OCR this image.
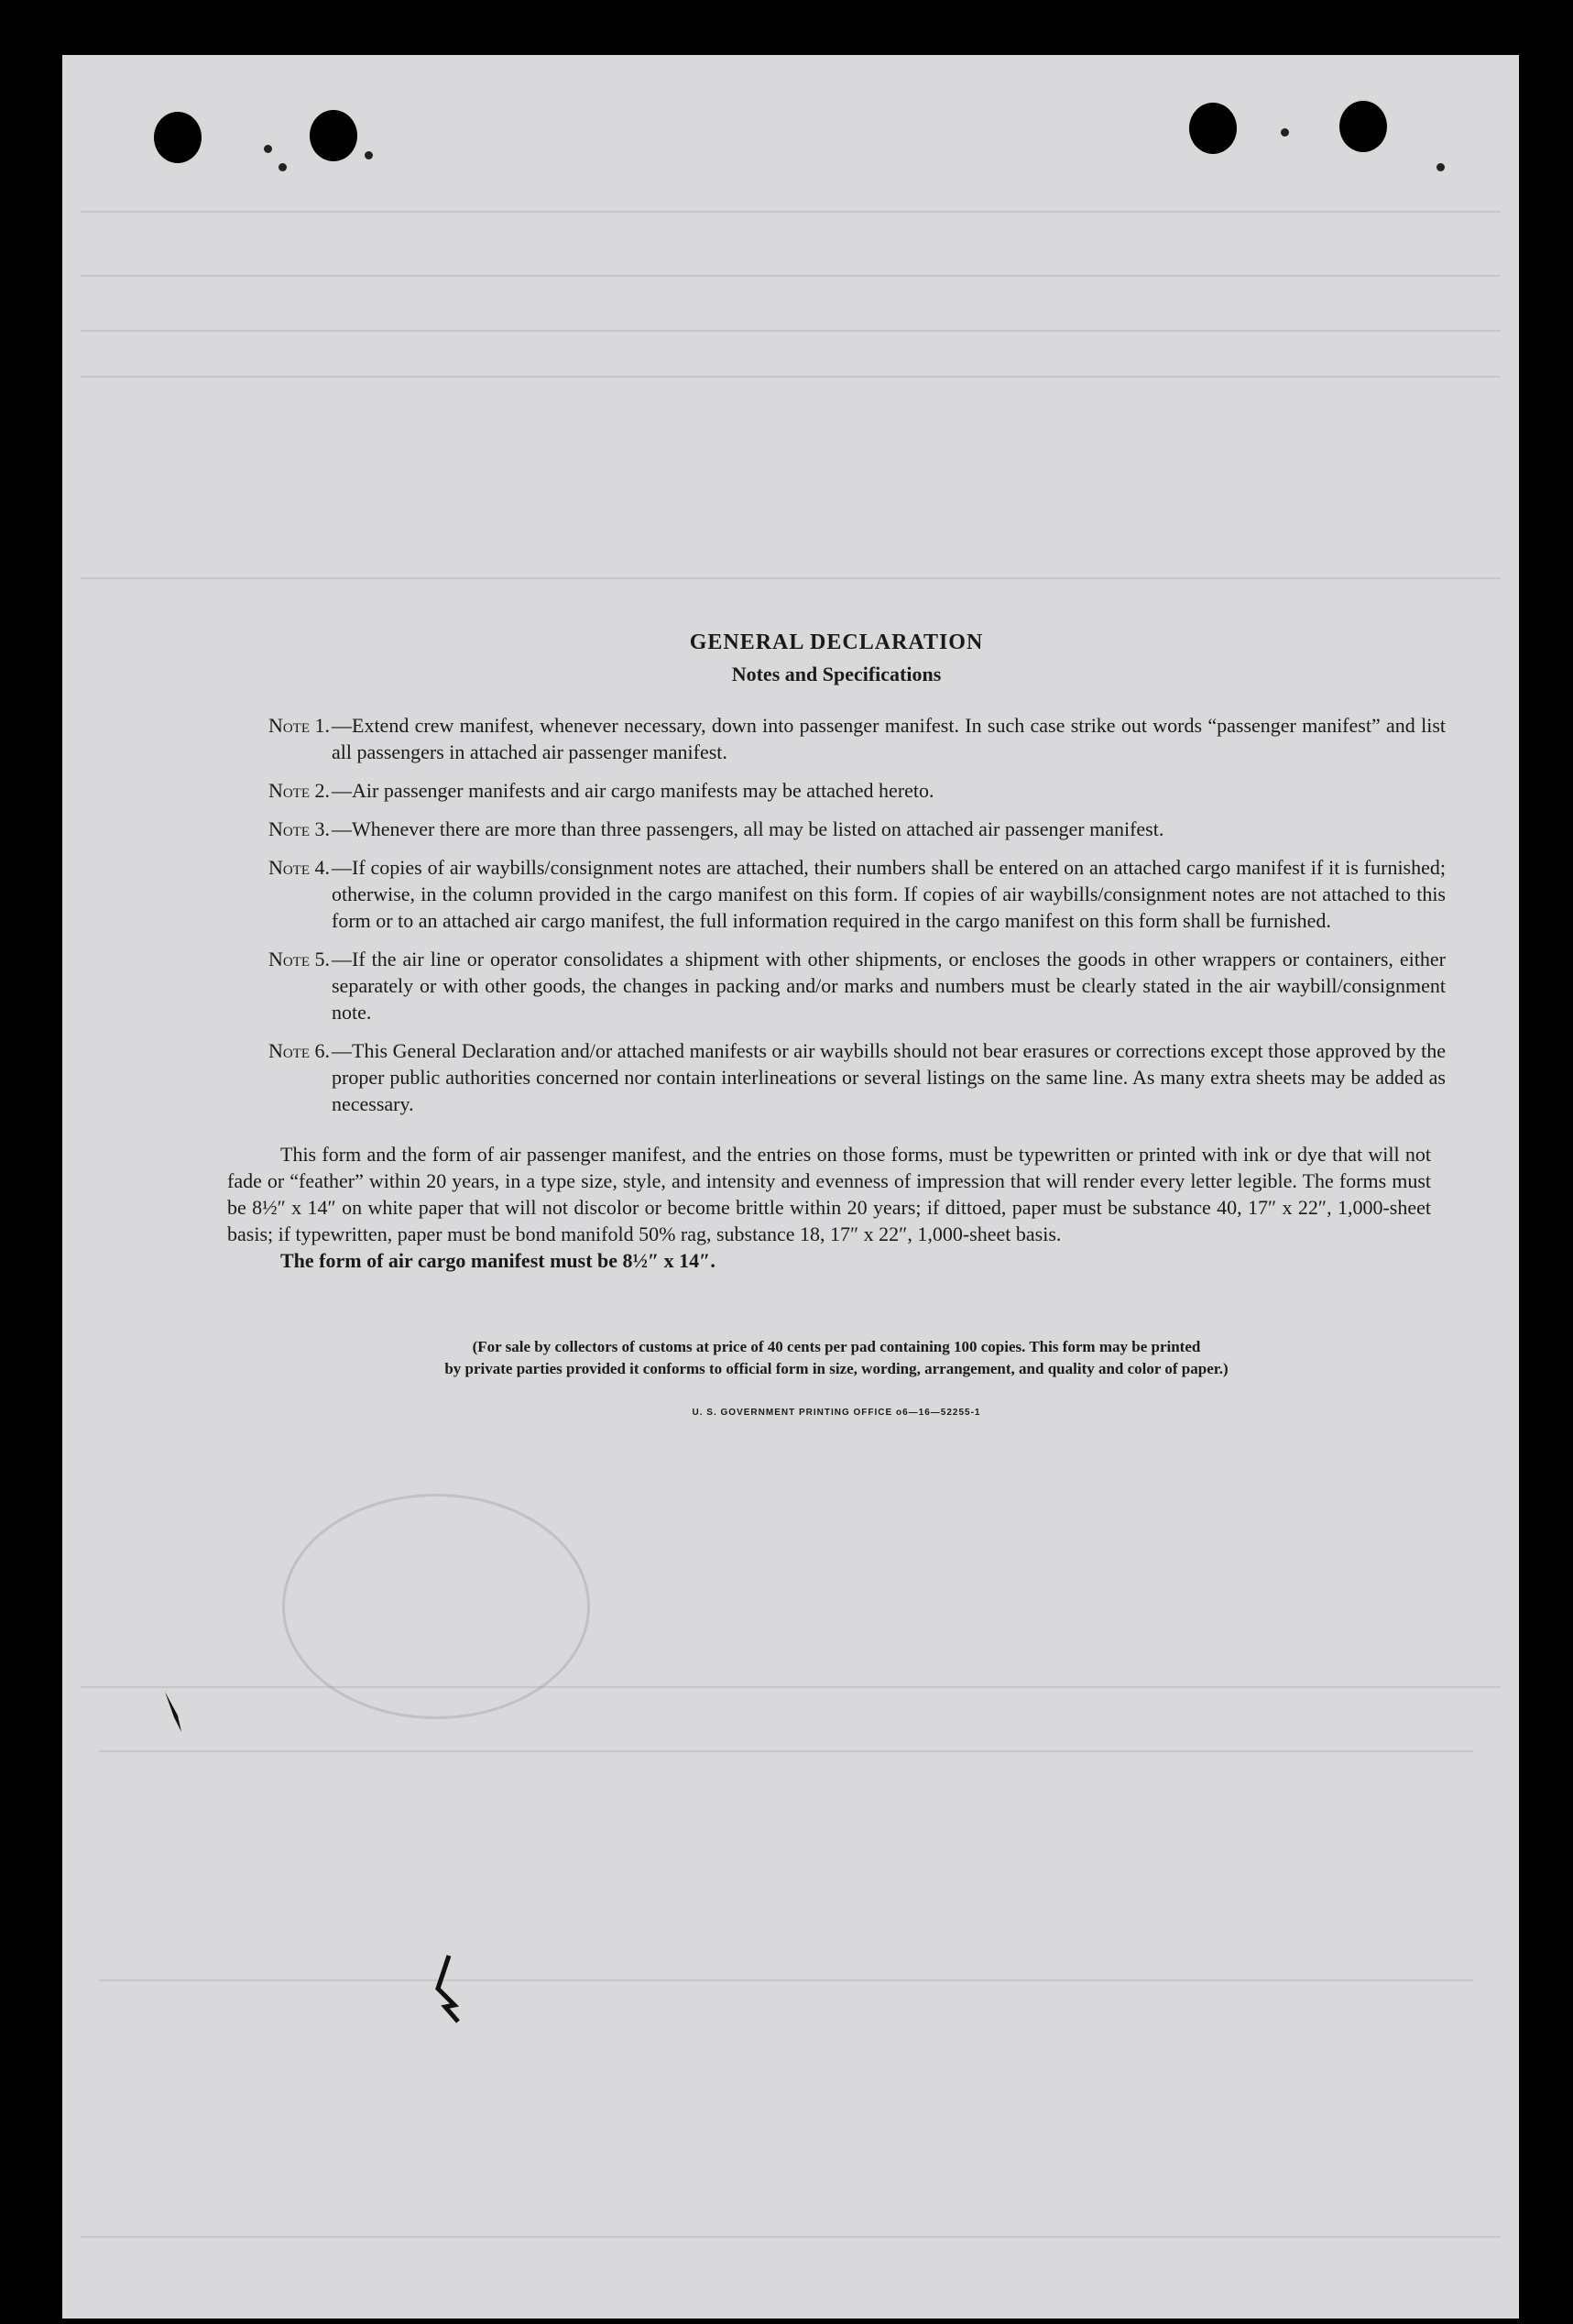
GENERAL DECLARATION
Notes and Specifications
Note 1. —Extend crew manifest, whenever necessary, down into passenger manifest. In such case strike out words “passenger manifest” and list all passengers in attached air passenger manifest.
Note 2. —Air passenger manifests and air cargo manifests may be attached hereto.
Note 3. —Whenever there are more than three passengers, all may be listed on attached air passenger manifest.
Note 4. —If copies of air waybills/consignment notes are attached, their numbers shall be entered on an attached cargo manifest if it is furnished; otherwise, in the column provided in the cargo manifest on this form. If copies of air waybills/consignment notes are not attached to this form or to an attached air cargo manifest, the full information required in the cargo manifest on this form shall be furnished.
Note 5. —If the air line or operator consolidates a shipment with other shipments, or encloses the goods in other wrappers or containers, either separately or with other goods, the changes in packing and/or marks and numbers must be clearly stated in the air waybill/consignment note.
Note 6. —This General Declaration and/or attached manifests or air waybills should not bear erasures or corrections except those approved by the proper public authorities concerned nor contain interlineations or several listings on the same line. As many extra sheets may be added as necessary.
This form and the form of air passenger manifest, and the entries on those forms, must be typewritten or printed with ink or dye that will not fade or “feather” within 20 years, in a type size, style, and intensity and evenness of impression that will render every letter legible. The forms must be 8½″ x 14″ on white paper that will not discolor or become brittle within 20 years; if dittoed, paper must be substance 40, 17″ x 22″, 1,000-sheet basis; if typewritten, paper must be bond manifold 50% rag, substance 18, 17″ x 22″, 1,000-sheet basis.
The form of air cargo manifest must be 8½″ x 14″.
(For sale by collectors of customs at price of 40 cents per pad containing 100 copies. This form may be printed
by private parties provided it conforms to official form in size, wording, arrangement, and quality and color of paper.)
U. S. GOVERNMENT PRINTING OFFICE o6—16—52255-1
